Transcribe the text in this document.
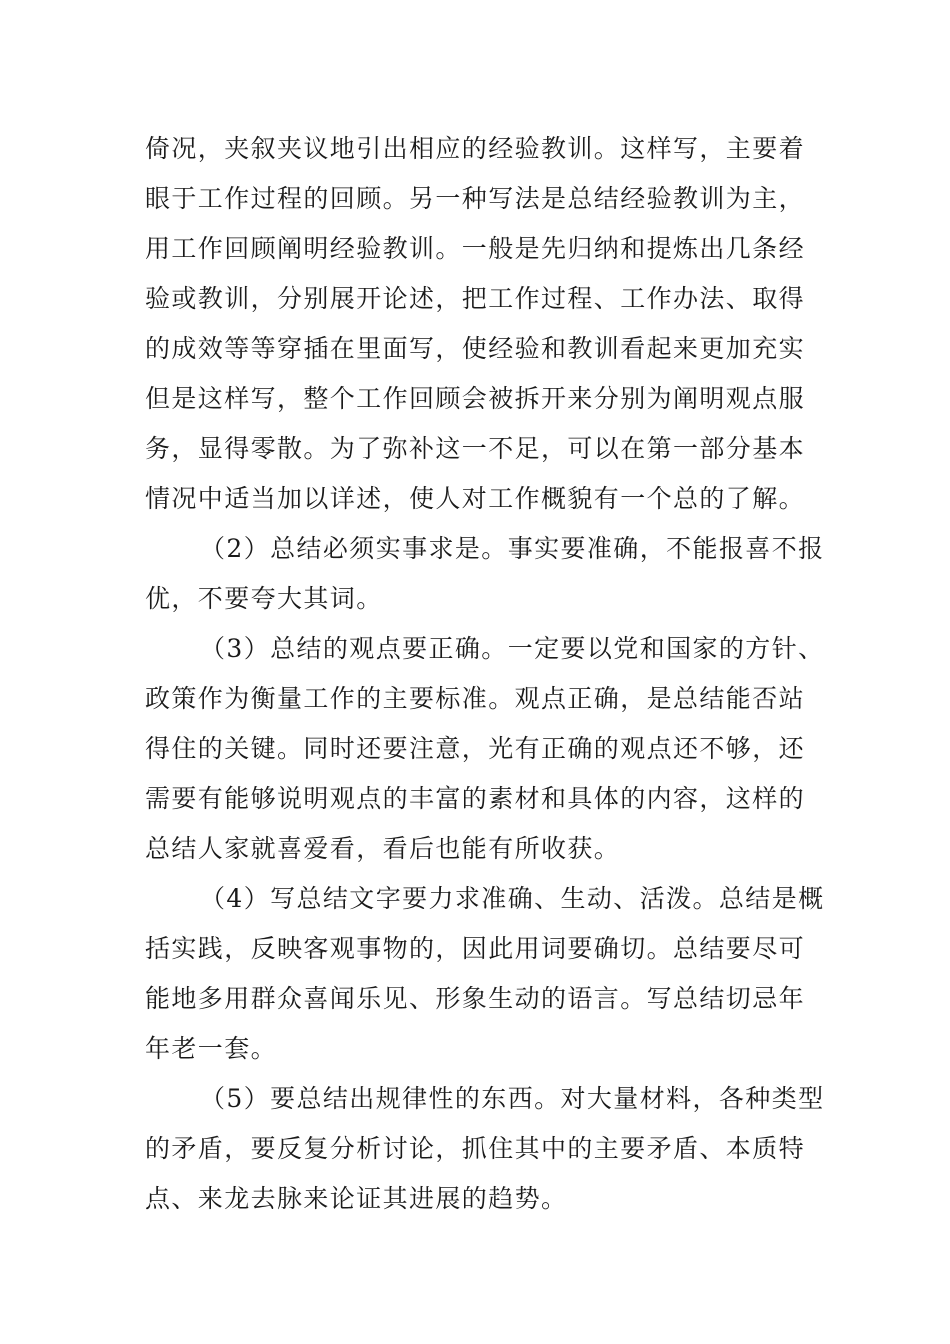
倚况，夹叙夹议地引出相应的经验教训。这样写，主要着
眼于工作过程的回顾。另一种写法是总结经验教训为主，
用工作回顾阐明经验教训。一般是先归纳和提炼出几条经
验或教训，分别展开论述，把工作过程、工作办法、取得
的成效等等穿插在里面写，使经验和教训看起来更加充实
但是这样写，整个工作回顾会被拆开来分别为阐明观点服
务，显得零散。为了弥补这一不足，可以在第一部分基本
情况中适当加以详述，使人对工作概貌有一个总的了解。
（2）总结必须实事求是。事实要准确，不能报喜不报
优，不要夸大其词。
（3）总结的观点要正确。一定要以党和国家的方针、
政策作为衡量工作的主要标准。观点正确，是总结能否站
得住的关键。同时还要注意，光有正确的观点还不够，还
需要有能够说明观点的丰富的素材和具体的内容，这样的
总结人家就喜爱看，看后也能有所收获。
（4）写总结文字要力求准确、生动、活泼。总结是概
括实践，反映客观事物的，因此用词要确切。总结要尽可
能地多用群众喜闻乐见、形象生动的语言。写总结切忌年
年老一套。
（5）要总结出规律性的东西。对大量材料，各种类型
的矛盾，要反复分析讨论，抓住其中的主要矛盾、本质特
点、来龙去脉来论证其进展的趋势。
